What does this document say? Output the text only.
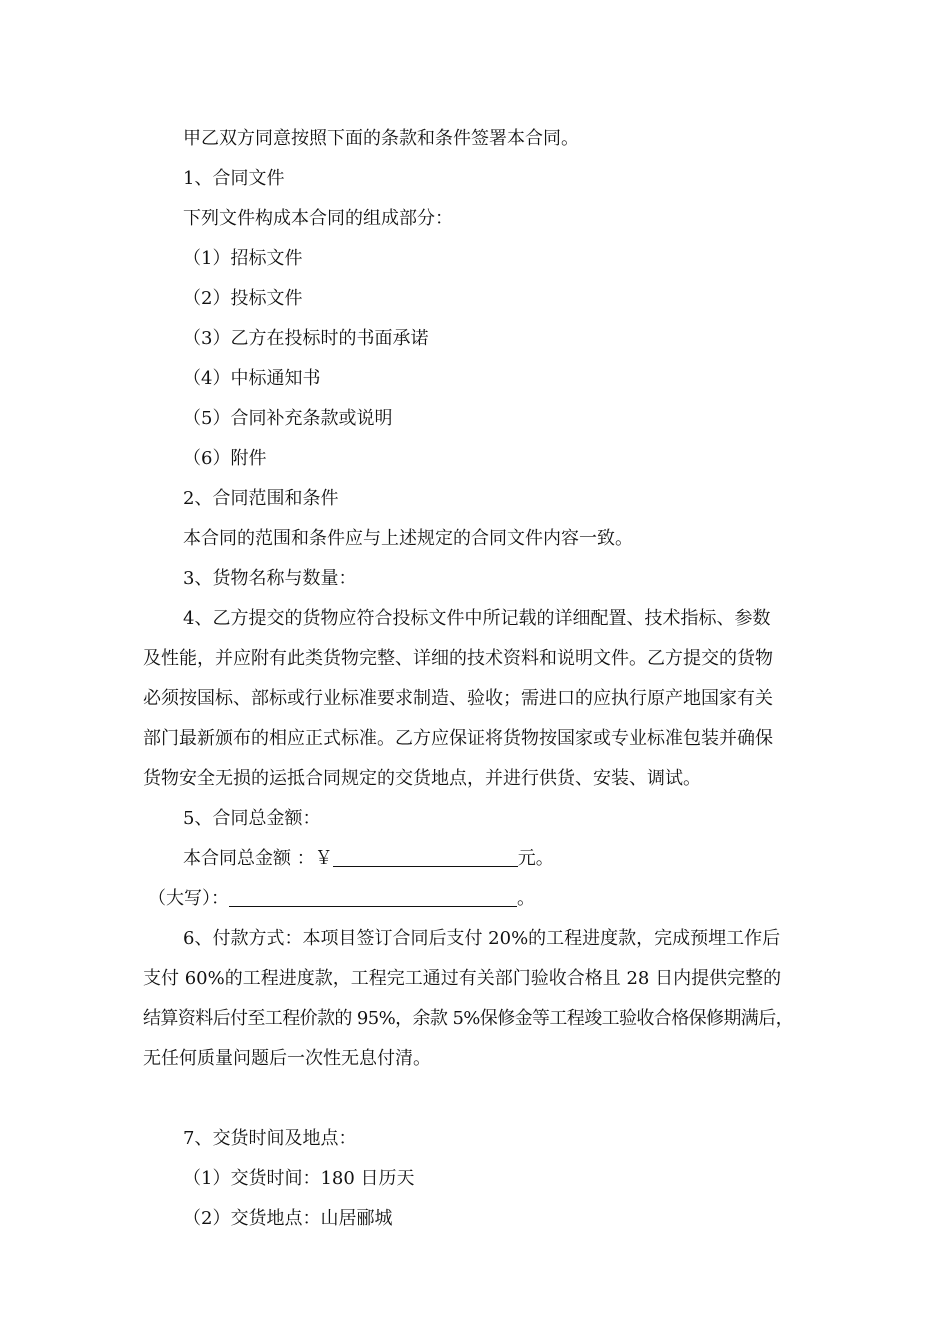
甲乙双方同意按照下面的条款和条件签署本合同。
1、合同文件
下列文件构成本合同的组成部分：
（1）招标文件
（2）投标文件
（3）乙方在投标时的书面承诺
（4）中标通知书
（5）合同补充条款或说明
（6）附件
2、合同范围和条件
本合同的范围和条件应与上述规定的合同文件内容一致。
3、货物名称与数量：
4、乙方提交的货物应符合投标文件中所记载的详细配置、技术指标、参数
及性能，并应附有此类货物完整、详细的技术资料和说明文件。乙方提交的货物
必须按国标、部标或行业标准要求制造、验收；需进口的应执行原产地国家有关
部门最新颁布的相应正式标准。乙方应保证将货物按国家或专业标准包装并确保
货物安全无损的运抵合同规定的交货地点，并进行供货、安装、调试。
5、合同总金额：
本合同总金额 ：￥	元。
（大写）：	。
6、付款方式：本项目签订合同后支付 20%的工程进度款，完成预埋工作后
支付 60%的工程进度款，工程完工通过有关部门验收合格且 28 日内提供完整的
结算资料后付至工程价款的 95%，余款 5%保修金等工程竣工验收合格保修期满后，
无任何质量问题后一次性无息付清。
7、交货时间及地点：
（1）交货时间：180 日历天
（2）交货地点：山居郦城
